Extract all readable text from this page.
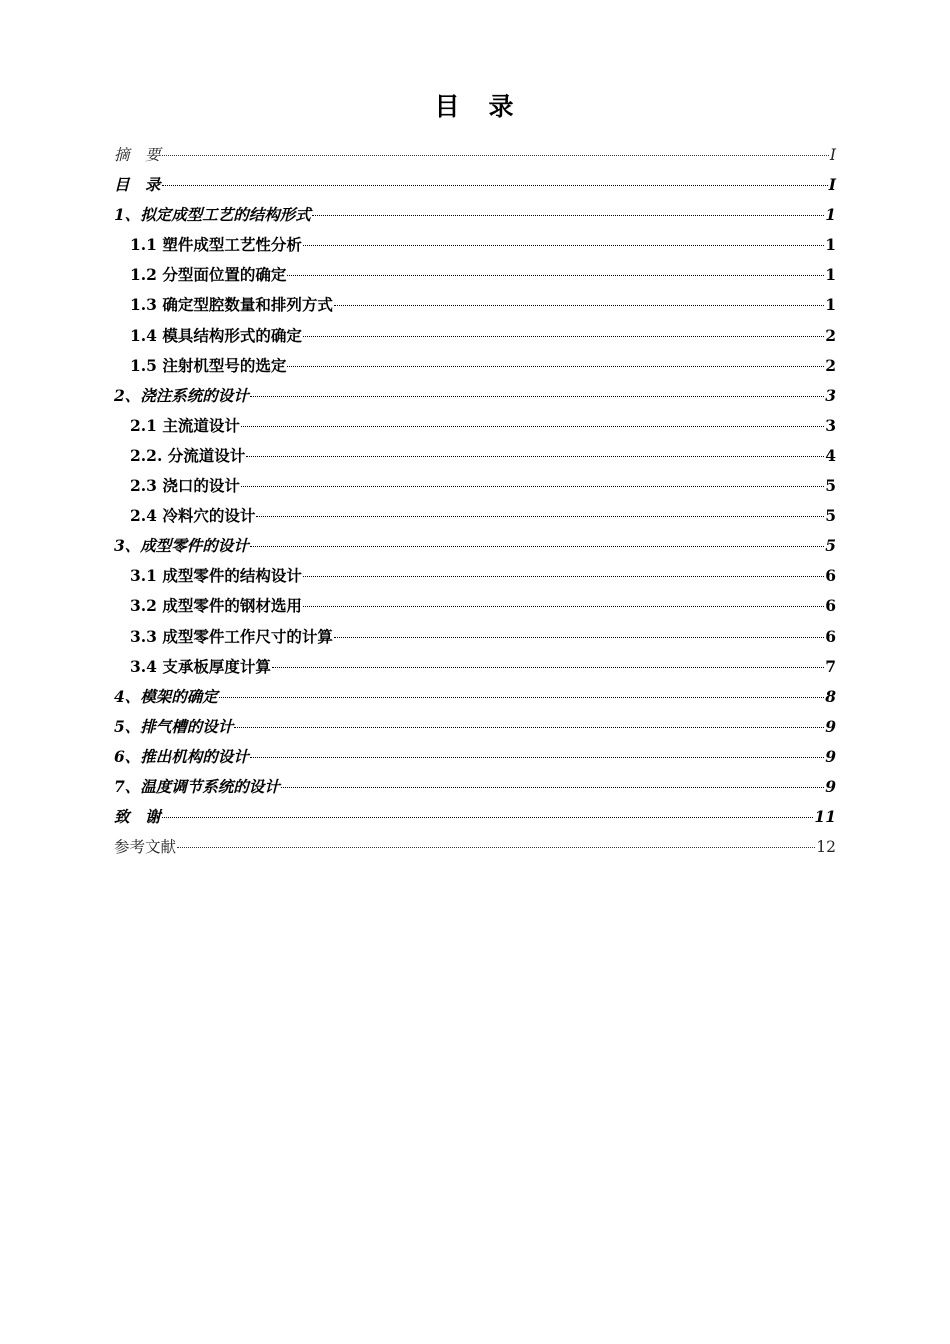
目　录
摘　要	I
目　录	I
1、拟定成型工艺的结构形式	1
1.1 塑件成型工艺性分析	1
1.2 分型面位置的确定	1
1.3 确定型腔数量和排列方式	1
1.4 模具结构形式的确定	2
1.5 注射机型号的选定	2
2、浇注系统的设计	3
2.1 主流道设计	3
2.2. 分流道设计	4
2.3 浇口的设计	5
2.4 冷料穴的设计	5
3、成型零件的设计	5
3.1 成型零件的结构设计	6
3.2 成型零件的钢材选用	6
3.3 成型零件工作尺寸的计算	6
3.4 支承板厚度计算	7
4、模架的确定	8
5、排气槽的设计	9
6、推出机构的设计	9
7、温度调节系统的设计	9
致　谢	11
参考文献	12
